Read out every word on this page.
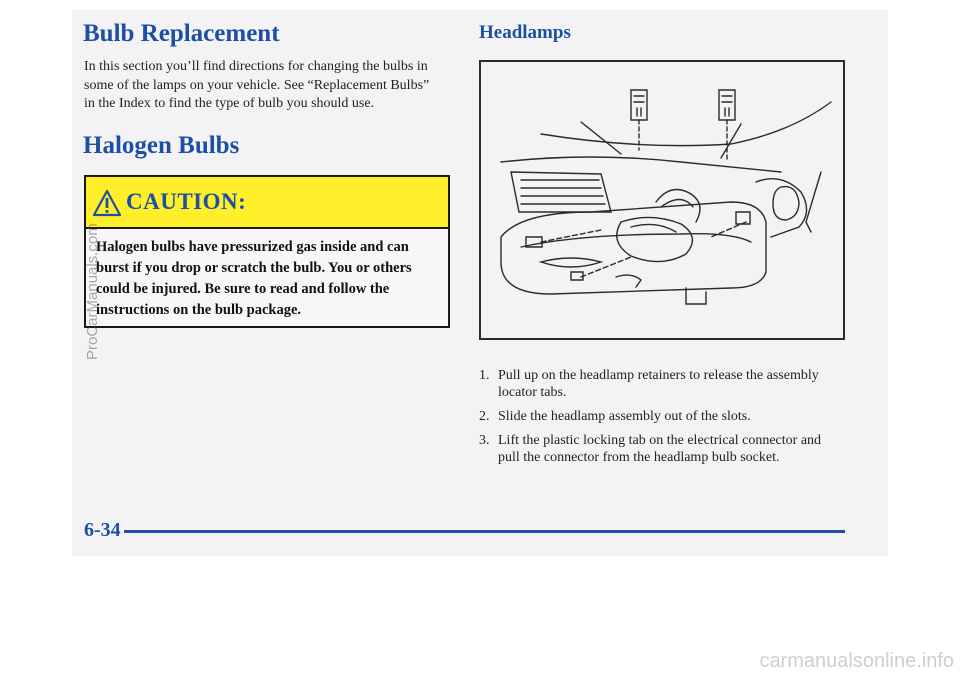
Bulb Replacement
In this section you’ll find directions for changing the bulbs in some of the lamps on your vehicle. See “Replacement Bulbs” in the Index to find the type of bulb you should use.
Halogen Bulbs
CAUTION:
Halogen bulbs have pressurized gas inside and can burst if you drop or scratch the bulb. You or others could be injured. Be sure to read and follow the instructions on the bulb package.
Headlamps
1. Pull up on the headlamp retainers to release the assembly locator tabs.
2. Slide the headlamp assembly out of the slots.
3. Lift the plastic locking tab on the electrical connector and pull the connector from the headlamp bulb socket.
6-34
ProCarManuals.com
carmanualsonline.info
